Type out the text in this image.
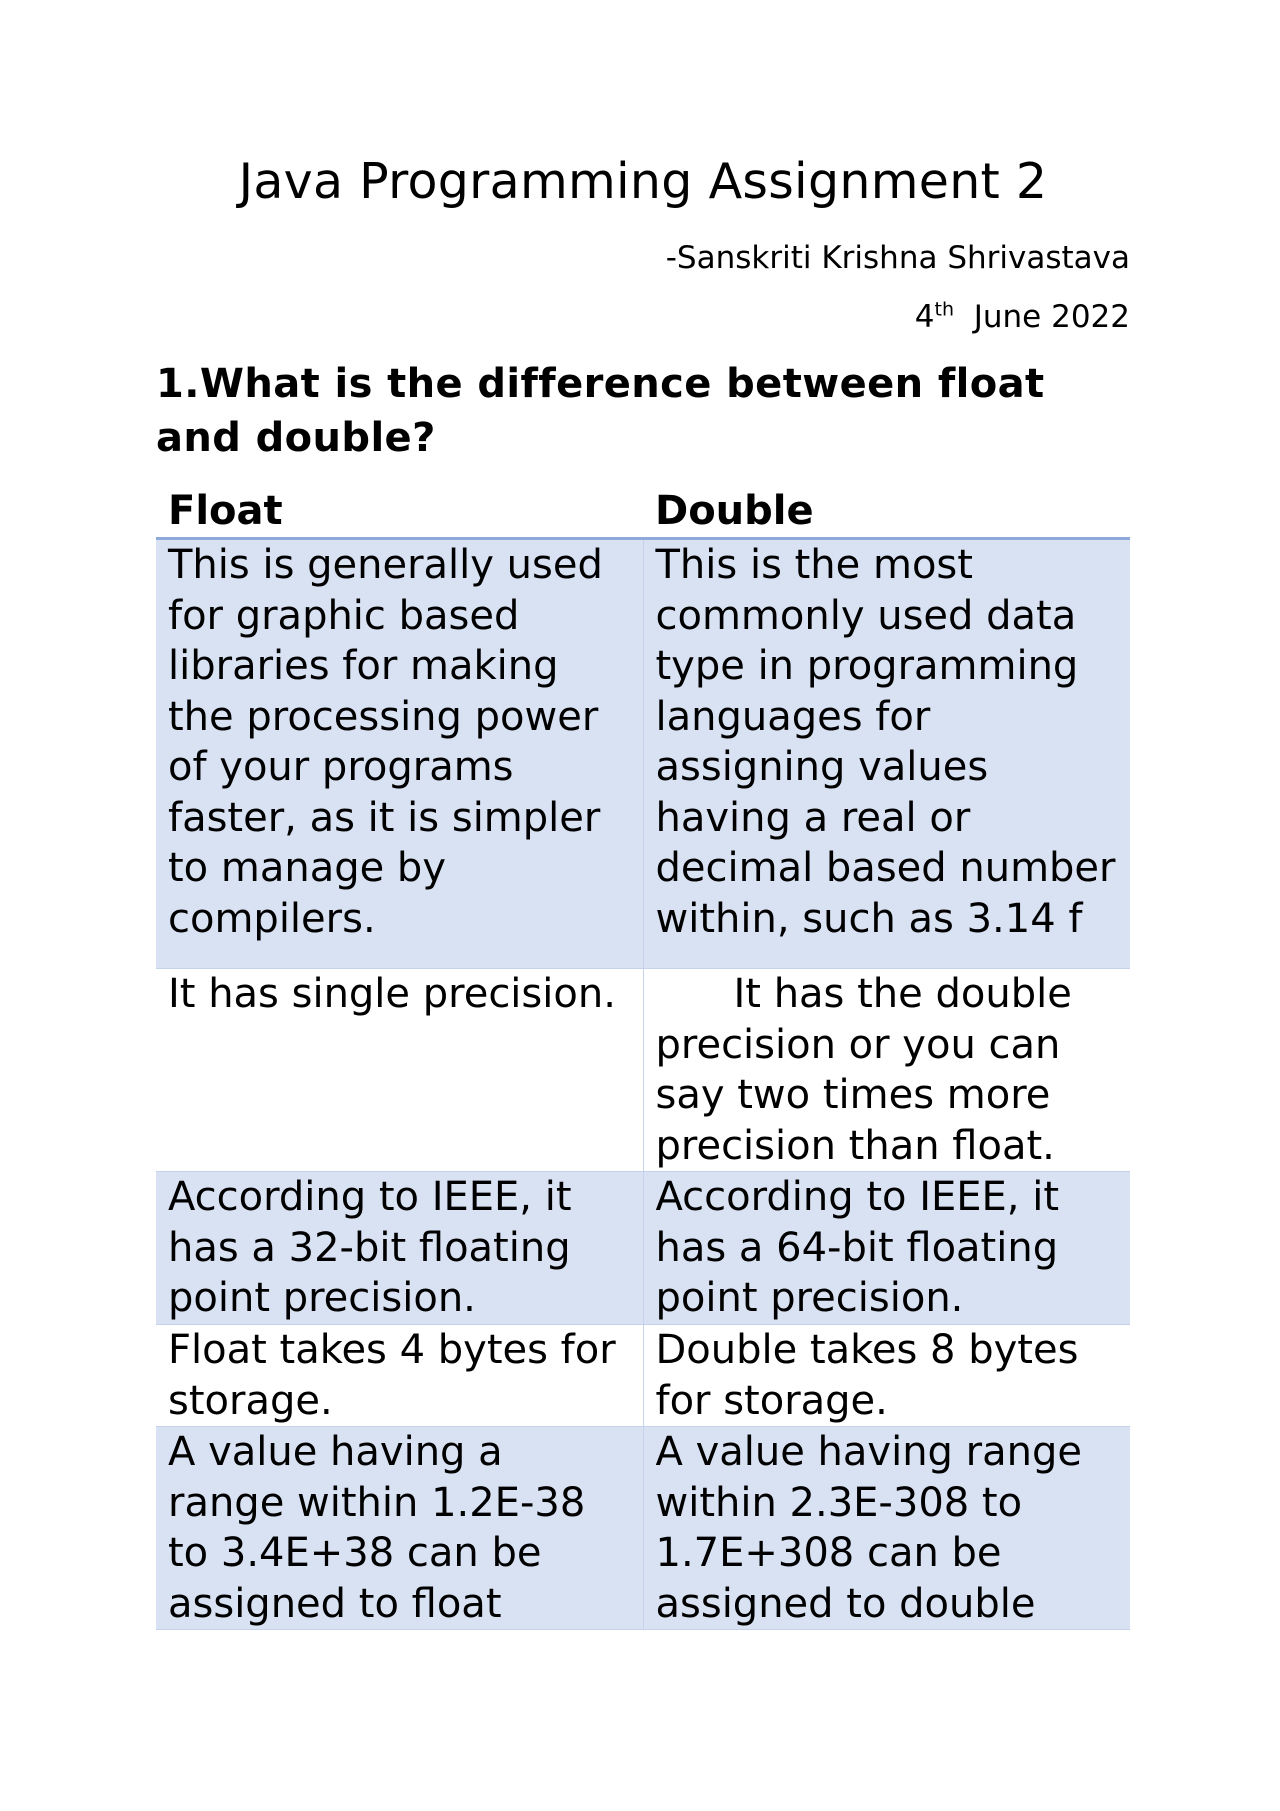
Java Programming Assignment 2
-Sanskriti Krishna Shrivastava
4th  June 2022
1.What is the difference between float and double?
Float	Double
This is generally used for graphic based libraries for making the processing power of your programs faster, as it is simpler to manage by compilers.	This is the most commonly used data type in programming languages for assigning values having a real or decimal based number within, such as 3.14 f
It has single precision.	It has the double precision or you can say two times more precision than float.
According to IEEE, it has a 32-bit floating point precision.	According to IEEE, it has a 64-bit floating point precision.
Float takes 4 bytes for storage.	Double takes 8 bytes for storage.
A value having a range within 1.2E-38 to 3.4E+38 can be assigned to float	A value having range within 2.3E-308 to 1.7E+308 can be assigned to double
